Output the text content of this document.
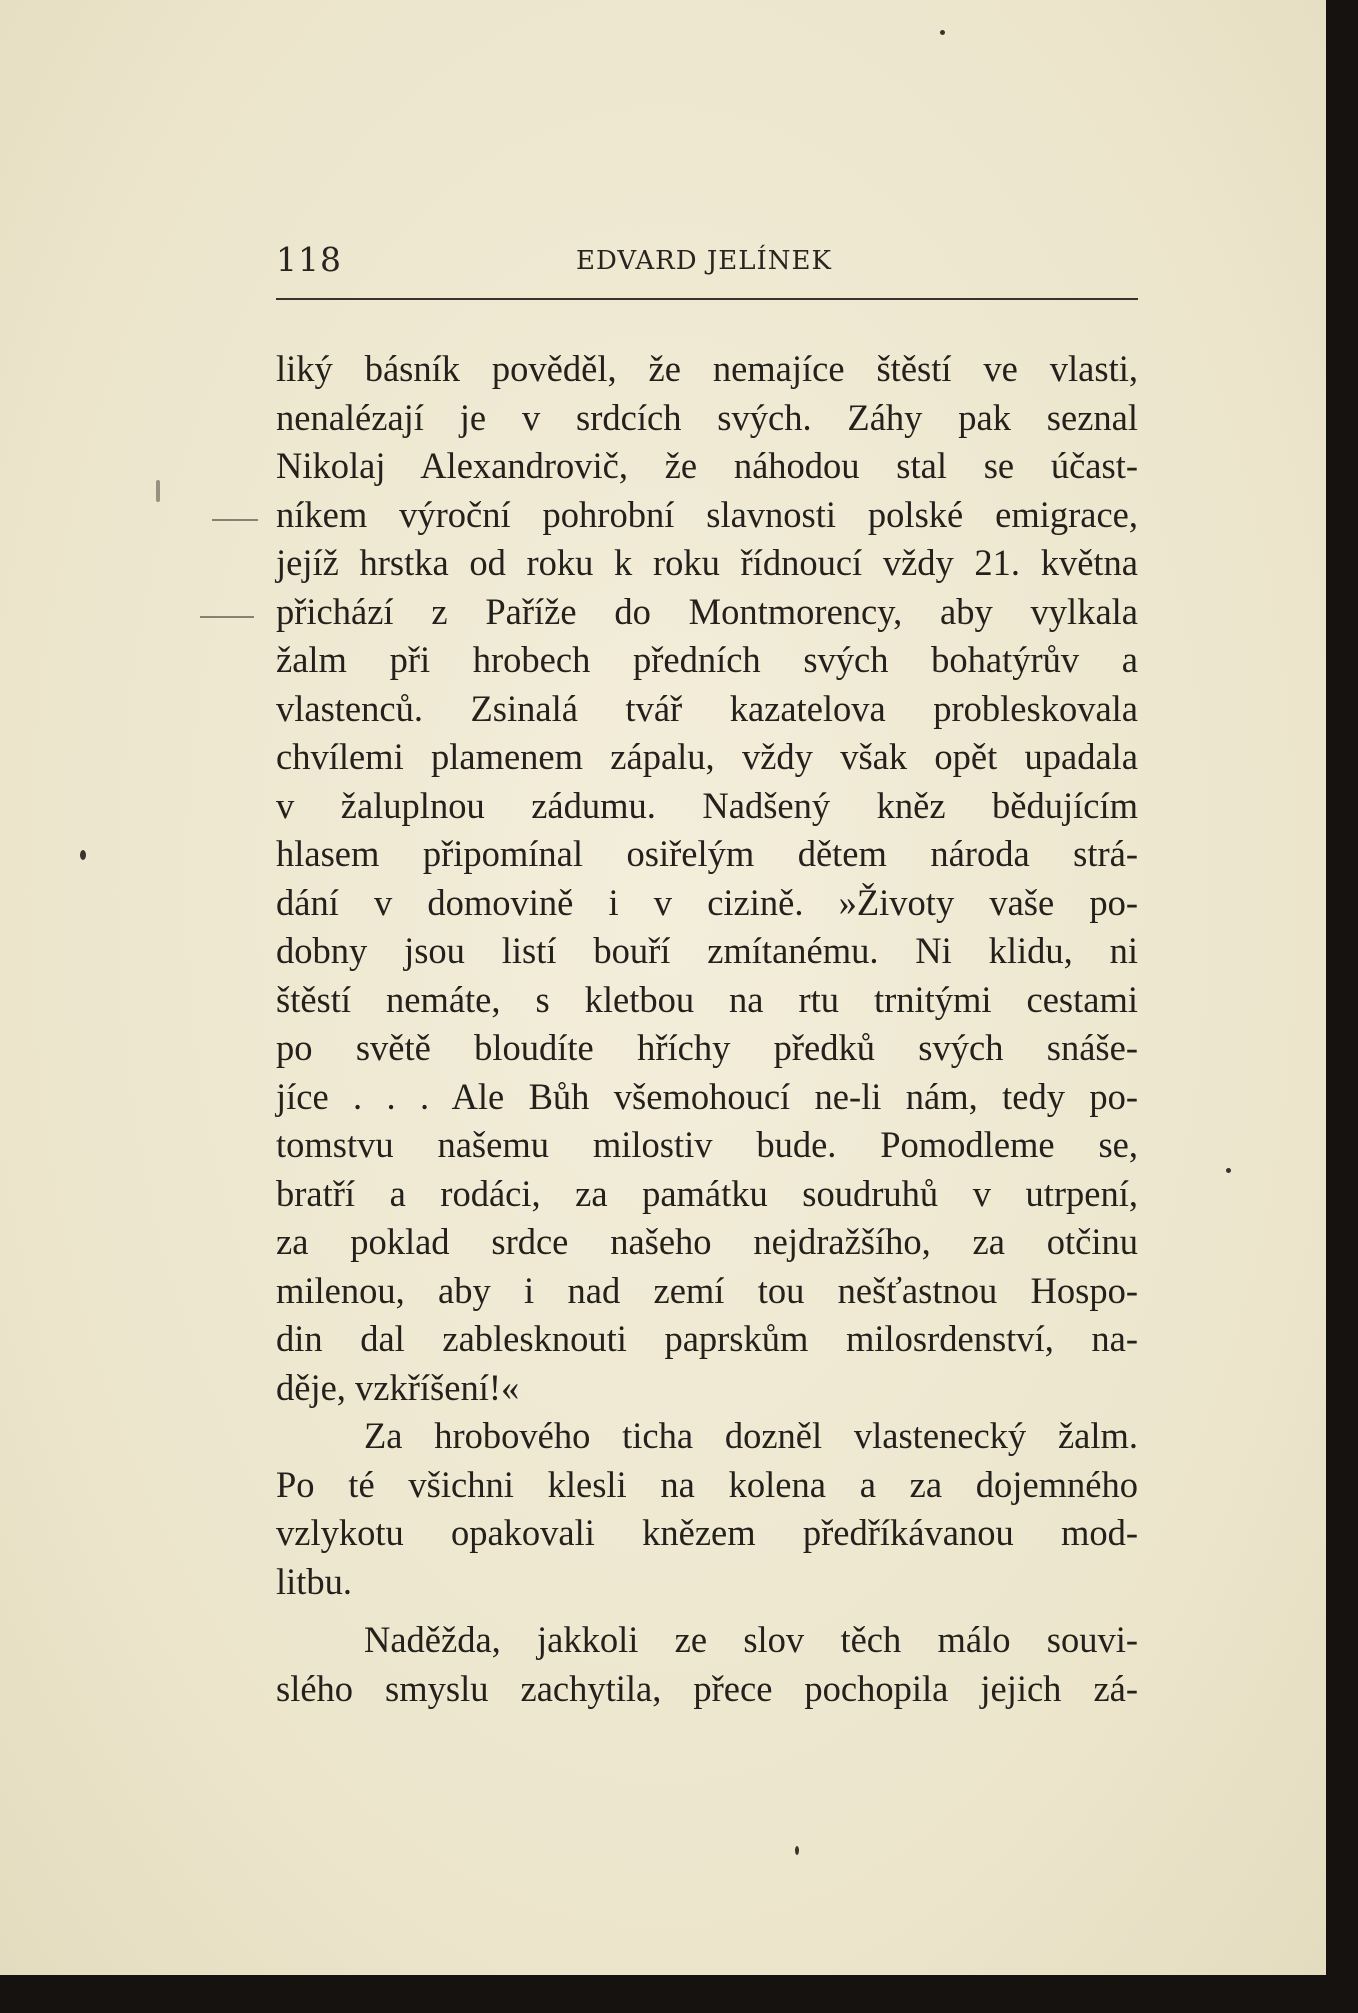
118	EDVARD JELÍNEK
liký básník pověděl, že nemajíce štěstí ve vlasti,
nenalézají je v srdcích svých. Záhy pak seznal
Nikolaj Alexandrovič, že náhodou stal se účast-
níkem výroční pohrobní slavnosti polské emigrace,
jejíž hrstka od roku k roku řídnoucí vždy 21. května
přichází z Paříže do Montmorency, aby vylkala
žalm při hrobech předních svých bohatýrův a
vlastenců. Zsinalá tvář kazatelova probleskovala
chvílemi plamenem zápalu, vždy však opět upadala
v žaluplnou zádumu. Nadšený kněz bědujícím
hlasem připomínal osiřelým dětem národa strá-
dání v domovině i v cizině. »Životy vaše po-
dobny jsou listí bouří zmítanému. Ni klidu, ni
štěstí nemáte, s kletbou na rtu trnitými cestami
po světě bloudíte hříchy předků svých snáše-
jíce . . . Ale Bůh všemohoucí ne-li nám, tedy po-
tomstvu našemu milostiv bude. Pomodleme se,
bratří a rodáci, za památku soudruhů v utrpení,
za poklad srdce našeho nejdražšího, za otčinu
milenou, aby i nad zemí tou nešťastnou Hospo-
din dal zablesknouti paprskům milosrdenství, na-
děje, vzkříšení!«
Za hrobového ticha dozněl vlastenecký žalm.
Po té všichni klesli na kolena a za dojemného
vzlykotu opakovali knězem předříkávanou mod-
litbu.
Naděžda, jakkoli ze slov těch málo souvi-
slého smyslu zachytila, přece pochopila jejich zá-
